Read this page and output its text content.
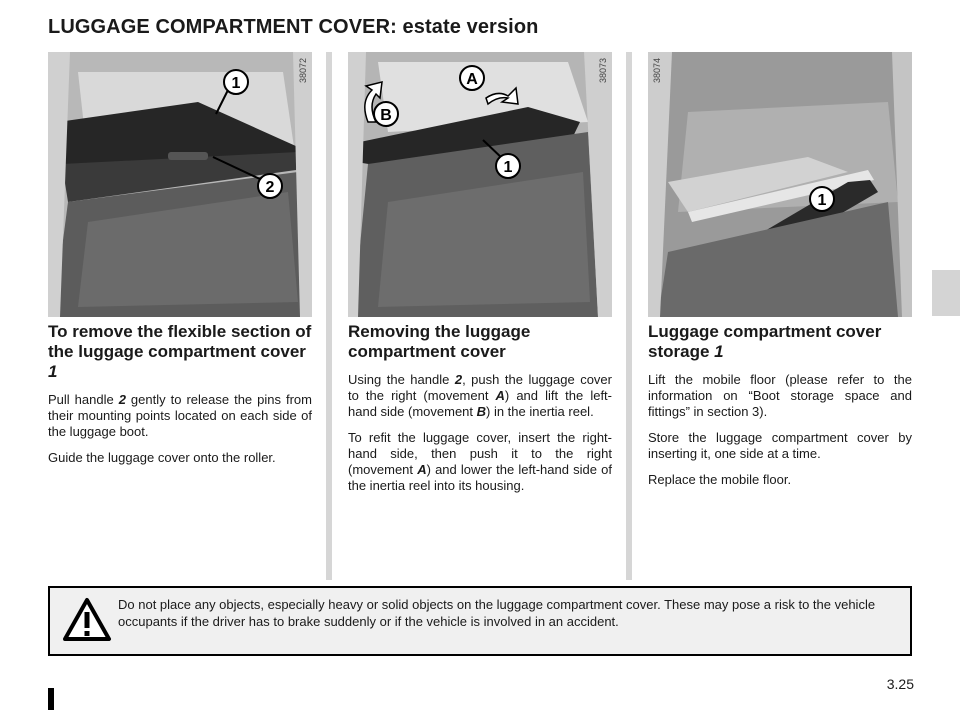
LUGGAGE COMPARTMENT COVER: estate version
1
2
38072	A
B
1
38073
1
38074
To remove the flexible section of the luggage compartment cover 1

Pull handle 2 gently to release the pins from their mounting points located on each side of the luggage boot.

Guide the luggage cover onto the roller.

Removing the luggage compartment cover

Using the handle 2, push the luggage cover to the right (movement A) and lift the left-hand side (movement B) in the inertia reel.

To refit the luggage cover, insert the right-hand side, then push it to the right (movement A) and lower the left-hand side of the inertia reel into its housing.

Luggage compartment cover storage 1

Lift the mobile floor (please refer to the information on “Boot storage space and fittings” in section 3).

Store the luggage compartment cover by inserting it, one side at a time.

Replace the mobile floor.

Do not place any objects, especially heavy or solid objects on the luggage compartment cover. These may pose a risk to the vehicle occupants if the driver has to brake suddenly or if the vehicle is involved in an accident.
3.25
